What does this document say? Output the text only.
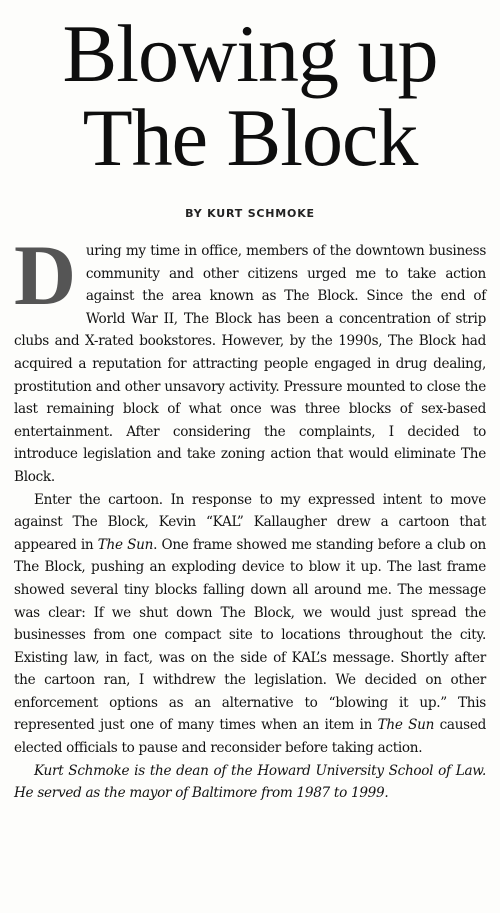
Blowing up
The Block
BY KURT SCHMOKE

During my time in office, members of the downtown business community and other citizens urged me to take action against the area known as The Block. Since the end of World War II, The Block has been a concentration of strip clubs and X-rated bookstores. However, by the 1990s, The Block had acquired a reputation for attracting people engaged in drug dealing, prostitution and other unsavory activity. Pressure mounted to close the last remaining block of what once was three blocks of sex-based entertainment. After considering the complaints, I decided to introduce legislation and take zoning action that would eliminate The Block.

Enter the cartoon. In response to my expressed intent to move against The Block, Kevin “KAL” Kallaugher drew a cartoon that appeared in The Sun. One frame showed me standing before a club on The Block, pushing an exploding device to blow it up. The last frame showed several tiny blocks falling down all around me. The message was clear: If we shut down The Block, we would just spread the businesses from one compact site to locations throughout the city. Existing law, in fact, was on the side of KAL’s message. Shortly after the cartoon ran, I withdrew the legislation. We decided on other enforcement options as an alternative to “blowing it up.” This represented just one of many times when an item in The Sun caused elected officials to pause and reconsider before taking action.

Kurt Schmoke is the dean of the Howard University School of Law. He served as the mayor of Baltimore from 1987 to 1999.
